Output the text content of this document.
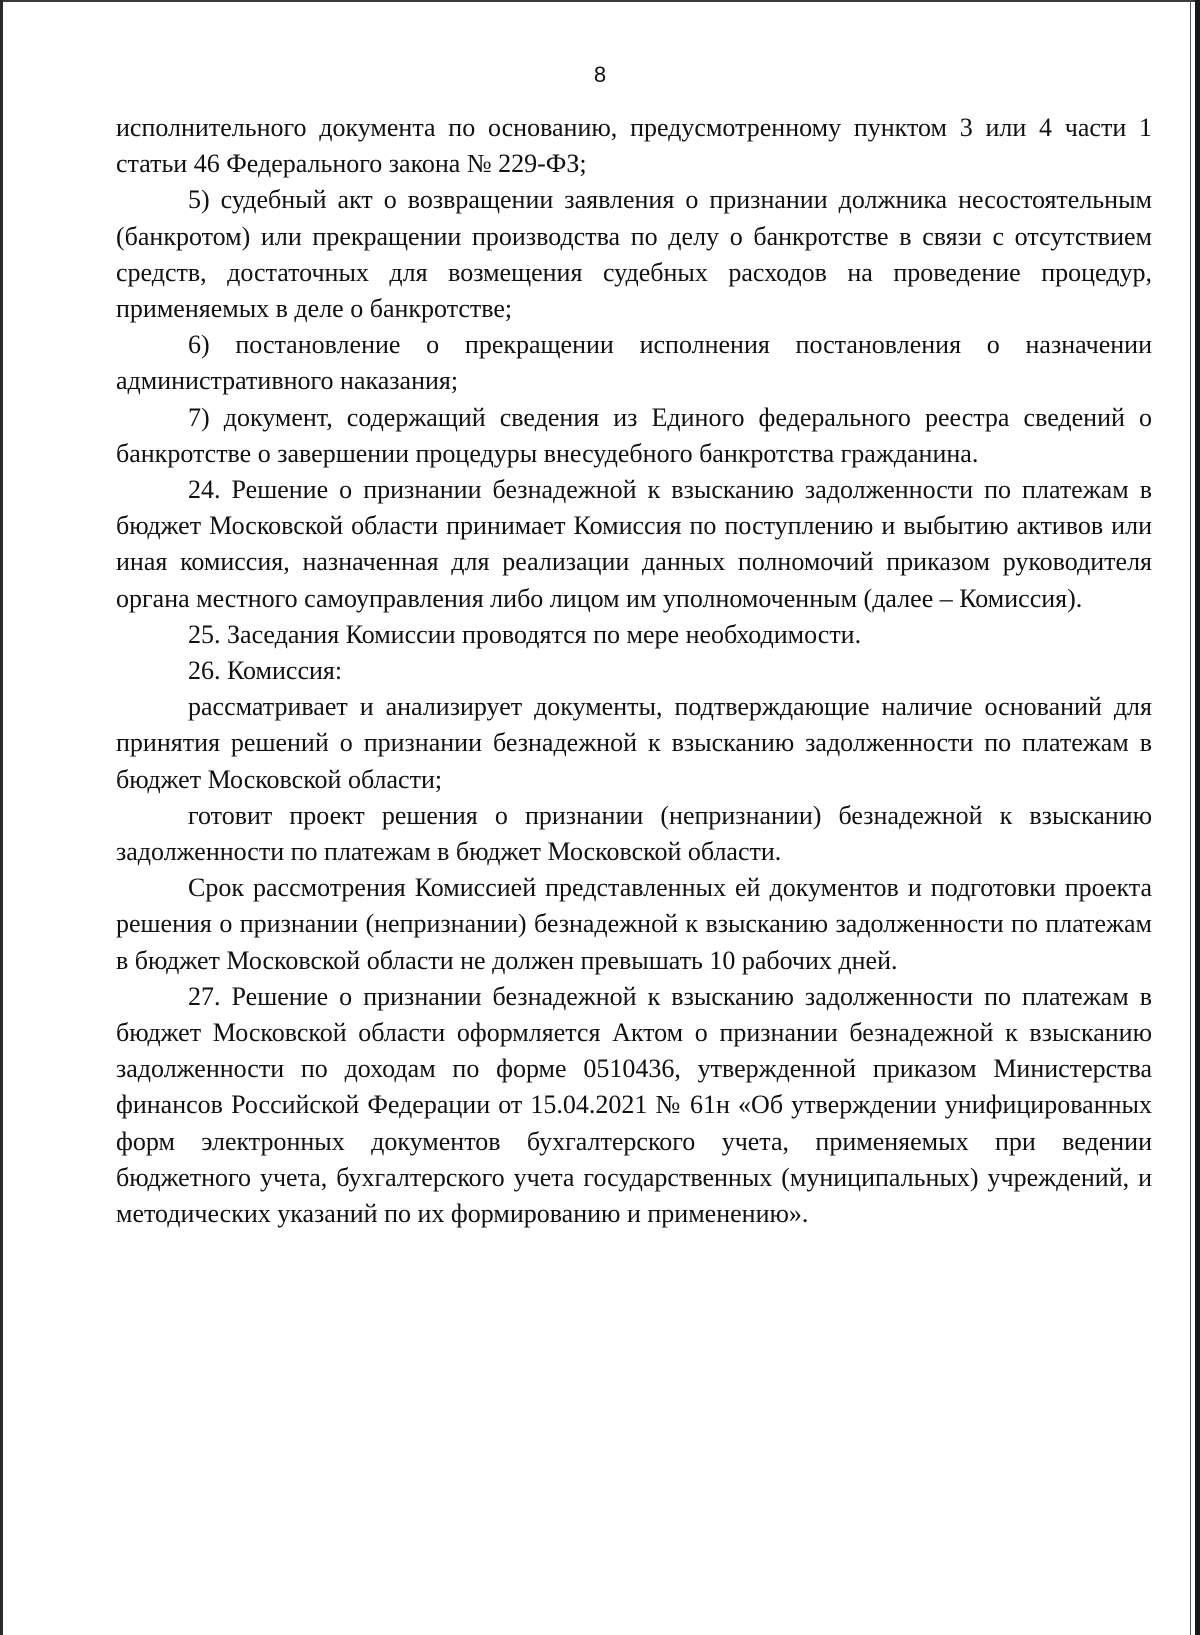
8

исполнительного документа по основанию, предусмотренному пунктом 3 или 4 части 1 статьи 46 Федерального закона № 229-ФЗ;

5) судебный акт о возвращении заявления о признании должника несостоятельным (банкротом) или прекращении производства по делу о банкротстве в связи с отсутствием средств, достаточных для возмещения судебных расходов на проведение процедур, применяемых в деле о банкротстве;

6) постановление о прекращении исполнения постановления о назначении административного наказания;

7) документ, содержащий сведения из Единого федерального реестра сведений о банкротстве о завершении процедуры внесудебного банкротства гражданина.

24. Решение о признании безнадежной к взысканию задолженности по платежам в бюджет Московской области принимает Комиссия по поступлению и выбытию активов или иная комиссия, назначенная для реализации данных полномочий приказом руководителя органа местного самоуправления либо лицом им уполномоченным (далее – Комиссия).

25. Заседания Комиссии проводятся по мере необходимости.

26. Комиссия:

рассматривает и анализирует документы, подтверждающие наличие оснований для принятия решений о признании безнадежной к взысканию задолженности по платежам в бюджет Московской области;

готовит проект решения о признании (непризнании) безнадежной к взысканию задолженности по платежам в бюджет Московской области.

Срок рассмотрения Комиссией представленных ей документов и подготовки проекта решения о признании (непризнании) безнадежной к взысканию задолженности по платежам в бюджет Московской области не должен превышать 10 рабочих дней.

27. Решение о признании безнадежной к взысканию задолженности по платежам в бюджет Московской области оформляется Актом о признании безнадежной к взысканию задолженности по доходам по форме 0510436, утвержденной приказом Министерства финансов Российской Федерации от 15.04.2021 № 61н «Об утверждении унифицированных форм электронных документов бухгалтерского учета, применяемых при ведении бюджетного учета, бухгалтерского учета государственных (муниципальных) учреждений, и методических указаний по их формированию и применению».
